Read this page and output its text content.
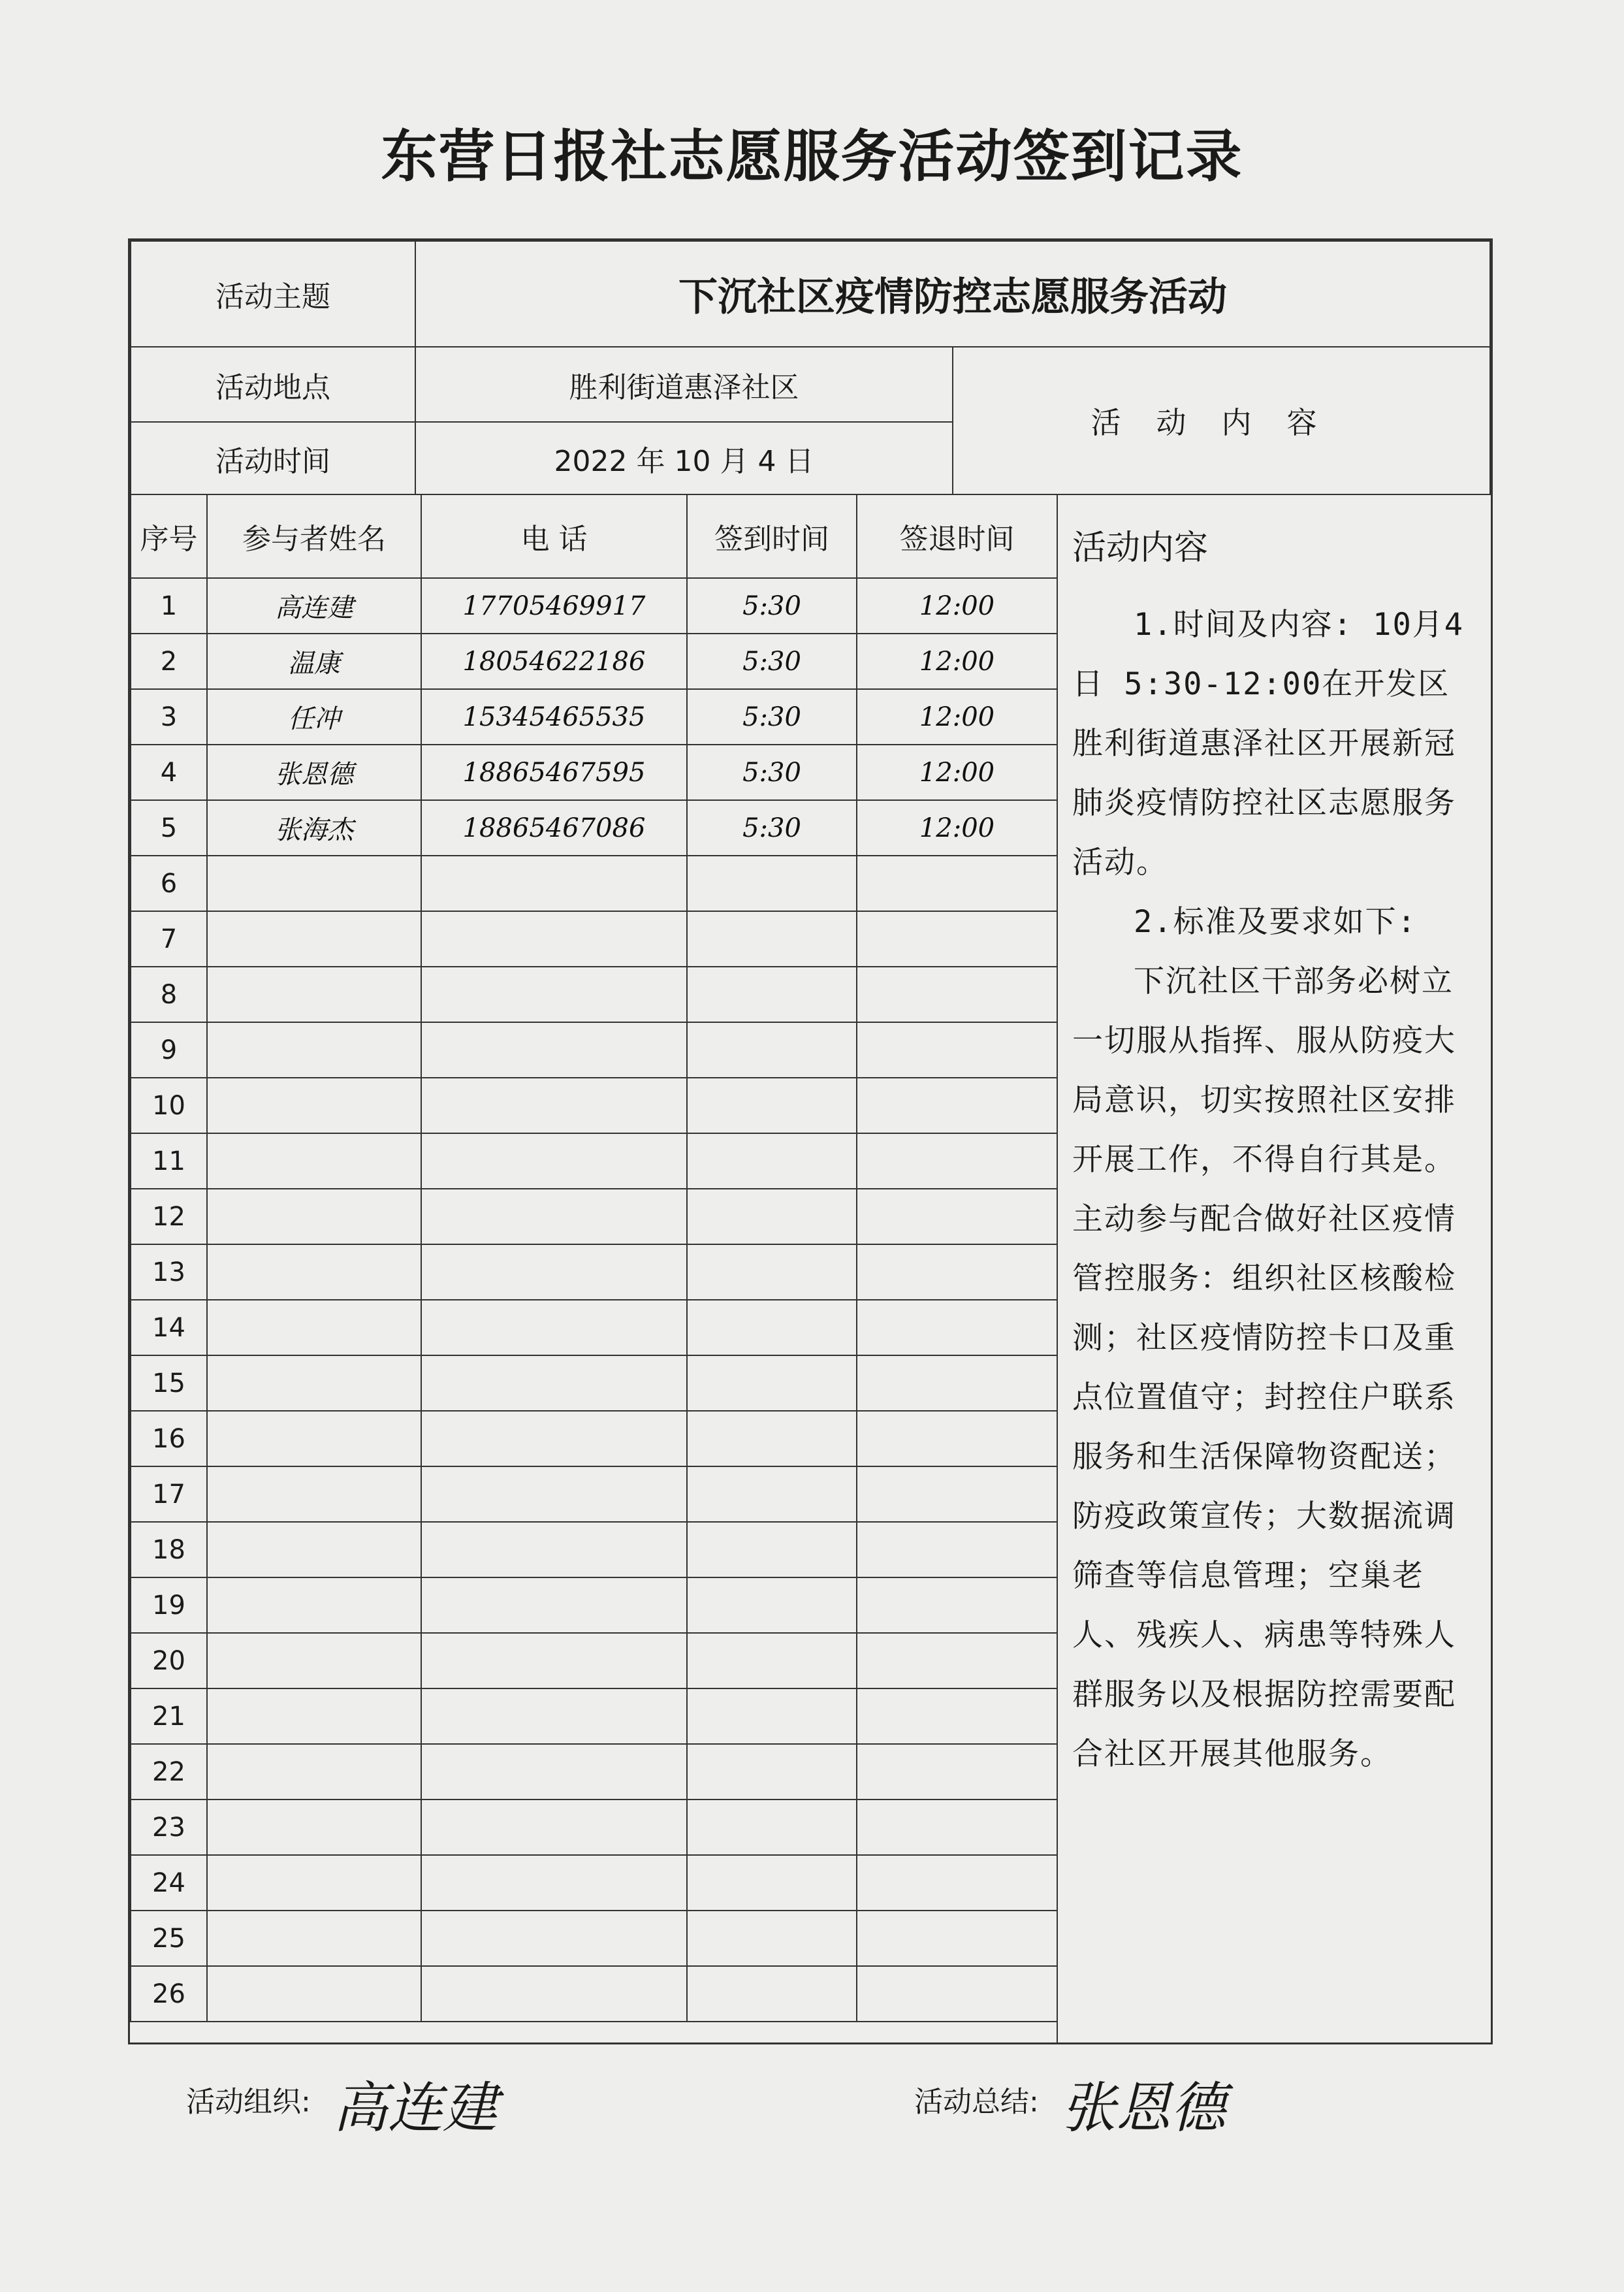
东营日报社志愿服务活动签到记录
活动主题	下沉社区疫情防控志愿服务活动	
活动地点	胜利街道惠泽社区	活动内容
活动时间	2022 年 10 月 4 日	
序号	参与者姓名	电 话	签到时间	签退时间
1	高连建	17705469917	5:30	12:00
2	温康	18054622186	5:30	12:00
3	任冲	15345465535	5:30	12:00
4	张恩德	18865467595	5:30	12:00
5	张海杰	18865467086	5:30	12:00
6				
7				
8				
9				
10				
11				
12				
13				
14				
15				
16				
17				
18				
19				
20				
21				
22				
23				
24				
25				
26				
活动内容

1.时间及内容: 10月4日 5:30-12:00在开发区胜利街道惠泽社区开展新冠肺炎疫情防控社区志愿服务活动。

2.标准及要求如下:

下沉社区干部务必树立一切服从指挥、服从防疫大局意识，切实按照社区安排开展工作，不得自行其是。主动参与配合做好社区疫情管控服务：组织社区核酸检测；社区疫情防控卡口及重点位置值守；封控住户联系服务和生活保障物资配送；防疫政策宣传；大数据流调筛查等信息管理；空巢老人、残疾人、病患等特殊人群服务以及根据防控需要配合社区开展其他服务。

活动组织: 高连建	活动总结: 张恩德
